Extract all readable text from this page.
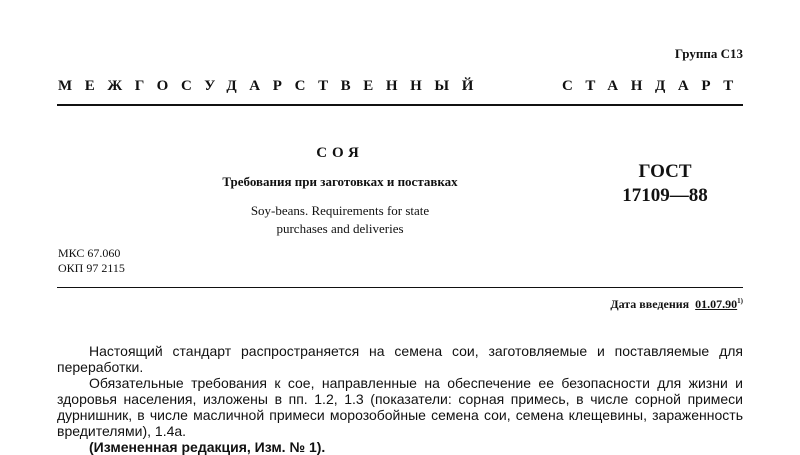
Группа С13
МЕЖГОСУДАРСТВЕННЫЙ	СТАНДАРТ
СОЯ
Требования при заготовках и поставках
Soy-beans. Requirements for state
purchases and deliveries
ГОСТ
17109—88
МКС 67.060
ОКП 97 2115
Дата введения 01.07.90$^{1)}$

Настоящий стандарт распространяется на семена сои, заготовляемые и поставляемые для переработки.

Обязательные требования к сое, направленные на обеспечение ее безопасности для жизни и здоровья населения, изложены в пп. 1.2, 1.3 (показатели: сорная примесь, в числе сорной примеси дурнишник, в числе масличной примеси морозобойные семена сои, семена клещевины, зараженность вредителями), 1.4а.

(Измененная редакция, Изм. № 1).
